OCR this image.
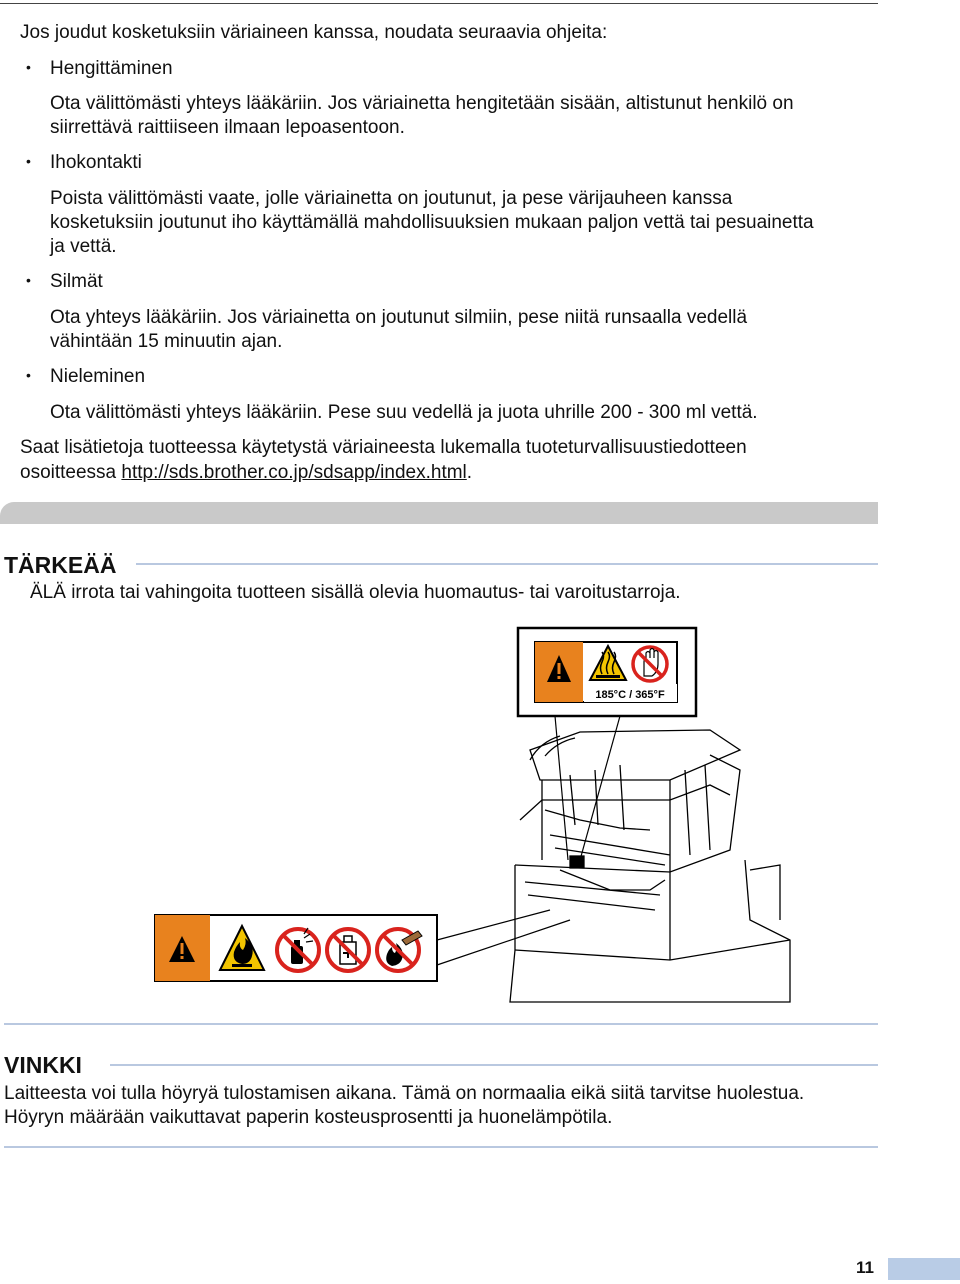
Jos joudut kosketuksiin väriaineen kanssa, noudata seuraavia ohjeita:
• Hengittäminen
Ota välittömästi yhteys lääkäriin. Jos väriainetta hengitetään sisään, altistunut henkilö on
siirrettävä raittiiseen ilmaan lepoasentoon.
• Ihokontakti
Poista välittömästi vaate, jolle väriainetta on joutunut, ja pese värijauheen kanssa
kosketuksiin joutunut iho käyttämällä mahdollisuuksien mukaan paljon vettä tai pesuainetta
ja vettä.
• Silmät
Ota yhteys lääkäriin. Jos väriainetta on joutunut silmiin, pese niitä runsaalla vedellä
vähintään 15 minuutin ajan.
• Nieleminen
Ota välittömästi yhteys lääkäriin. Pese suu vedellä ja juota uhrille 200 - 300 ml vettä.
Saat lisätietoja tuotteessa käytetystä väriaineesta lukemalla tuoteturvallisuustiedotteen
osoitteessa http://sds.brother.co.jp/sdsapp/index.html.
TÄRKEÄÄ
ÄLÄ irrota tai vahingoita tuotteen sisällä olevia huomautus- tai varoitustarroja.
185°C / 365°F
VINKKI
Laitteesta voi tulla höyryä tulostamisen aikana. Tämä on normaalia eikä siitä tarvitse huolestua.
Höyryn määrään vaikuttavat paperin kosteusprosentti ja huonelämpötila.
11
